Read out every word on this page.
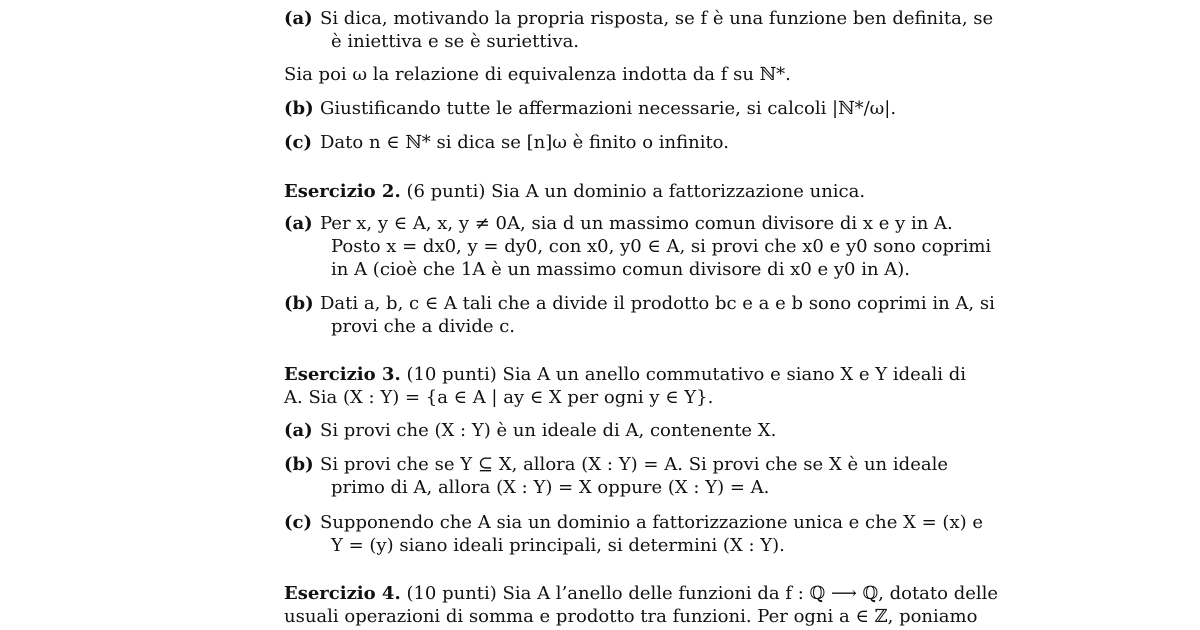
(a) Si dica, motivando la propria risposta, se f è una funzione ben definita, se
è iniettiva e se è suriettiva.
Sia poi ω la relazione di equivalenza indotta da f su ℕ*.
(b) Giustificando tutte le affermazioni necessarie, si calcoli |ℕ*/ω|.
(c) Dato n ∈ ℕ* si dica se [n]ω è finito o infinito.
Esercizio 2. (6 punti) Sia A un dominio a fattorizzazione unica.
(a) Per x, y ∈ A, x, y ≠ 0A, sia d un massimo comun divisore di x e y in A.
Posto x = dx0, y = dy0, con x0, y0 ∈ A, si provi che x0 e y0 sono coprimi
in A (cioè che 1A è un massimo comun divisore di x0 e y0 in A).
(b) Dati a, b, c ∈ A tali che a divide il prodotto bc e a e b sono coprimi in A, si
provi che a divide c.
Esercizio 3. (10 punti) Sia A un anello commutativo e siano X e Y ideali di
A. Sia (X : Y) = {a ∈ A | ay ∈ X per ogni y ∈ Y}.
(a) Si provi che (X : Y) è un ideale di A, contenente X.
(b) Si provi che se Y ⊆ X, allora (X : Y) = A. Si provi che se X è un ideale
primo di A, allora (X : Y) = X oppure (X : Y) = A.
(c) Supponendo che A sia un dominio a fattorizzazione unica e che X = (x) e
Y = (y) siano ideali principali, si determini (X : Y).
Esercizio 4. (10 punti) Sia A l’anello delle funzioni da f : ℚ ⟶ ℚ, dotato delle
usuali operazioni di somma e prodotto tra funzioni. Per ogni a ∈ ℤ, poniamo
